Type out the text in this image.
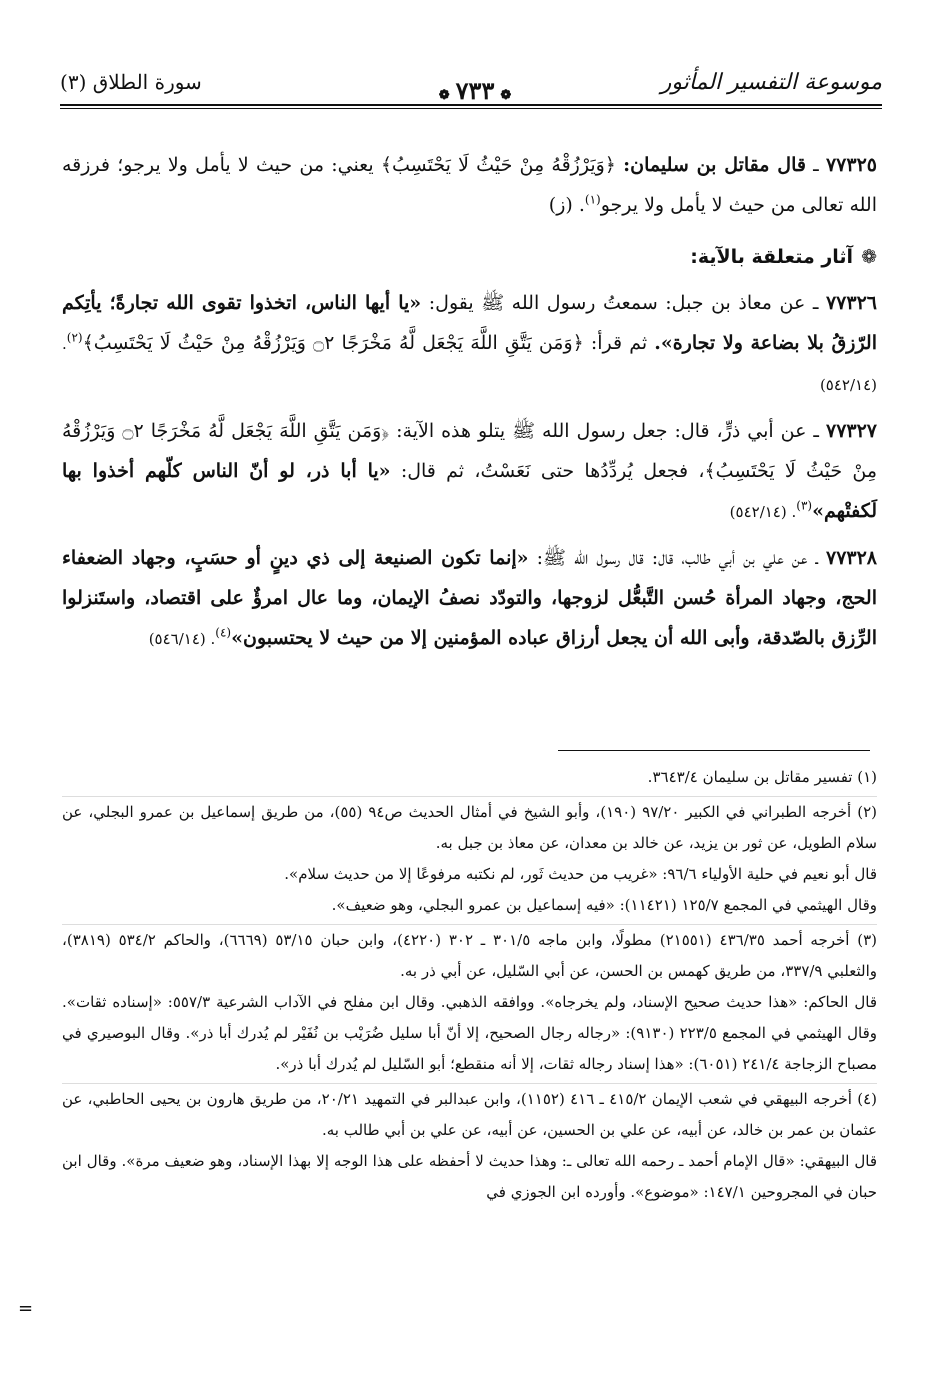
موسوعة التفسير المأثور
❁٧٣٣❁
سورة الطلاق (٣)

٧٧٣٢٥ ـ قال مقاتل بن سليمان: ﴿وَيَرْزُقْهُ مِنْ حَيْثُ لَا يَحْتَسِبُ﴾ يعني: من حيث لا يأمل ولا يرجو؛ فرزقه الله تعالى من حيث لا يأمل ولا يرجو$^{(١)}$. (ز)

❁آثار متعلقة بالآية:

٧٧٣٢٦ ـ عن معاذ بن جبل: سمعتُ رسول الله ﷺ يقول: «يا أيها الناس، اتخذوا تقوى الله تجارةً؛ يأتِكم الرّزقُ بلا بضاعة ولا تجارة». ثم قرأ: ﴿وَمَن يَتَّقِ اللَّهَ يَجْعَل لَّهُ مَخْرَجًا ۝٢ وَيَرْزُقْهُ مِنْ حَيْثُ لَا يَحْتَسِبُ﴾$^{(٢)}$. (٥٤٢/١٤)

٧٧٣٢٧ ـ عن أبي ذرٍّ، قال: جعل رسول الله ﷺ يتلو هذه الآية: ﴿وَمَن يَتَّقِ اللَّهَ يَجْعَل لَّهُ مَخْرَجًا ۝٢ وَيَرْزُقْهُ مِنْ حَيْثُ لَا يَحْتَسِبُ﴾، فجعل يُردِّدُها حتى نَعَسْتُ، ثم قال: «يا أبا ذر، لو أنّ الناس كلّهم أخذوا بها لَكفتْهم»$^{(٣)}$. (٥٤٢/١٤)

٧٧٣٢٨ ـ عن علي بن أبي طالب، قال: قال رسول الله ﷺ: «إنما تكون الصنيعة إلى ذي دينٍ أو حسَبٍ، وجهاد الضعفاء الحج، وجهاد المرأة حُسن التَّبعُّل لزوجها، والتودّد نصفُ الإيمان، وما عال امرؤٌ على اقتصاد، واستَنزلوا الرِّزق بالصّدقة، وأبى الله أن يجعل أرزاق عباده المؤمنين إلا من حيث لا يحتسبون»$^{(٤)}$. (٥٤٦/١٤)

(١) تفسير مقاتل بن سليمان ٣٦٤٣/٤.

(٢) أخرجه الطبراني في الكبير ٩٧/٢٠ (١٩٠)، وأبو الشيخ في أمثال الحديث ص٩٤ (٥٥)، من طريق إسماعيل بن عمرو البجلي، عن سلام الطويل، عن ثور بن يزيد، عن خالد بن معدان، عن معاذ بن جبل به.

قال أبو نعيم في حلية الأولياء ٩٦/٦: «غريب من حديث ثَور، لم نكتبه مرفوعًا إلا من حديث سلام».

وقال الهيثمي في المجمع ١٢٥/٧ (١١٤٢١): «فيه إسماعيل بن عمرو البجلي، وهو ضعيف».

(٣) أخرجه أحمد ٤٣٦/٣٥ (٢١٥٥١) مطولًا، وابن ماجه ٣٠١/٥ ـ ٣٠٢ (٤٢٢٠)، وابن حبان ٥٣/١٥ (٦٦٦٩)، والحاكم ٥٣٤/٢ (٣٨١٩)، والثعلبي ٣٣٧/٩، من طريق كهمس بن الحسن، عن أبي السّليل، عن أبي ذر به.

قال الحاكم: «هذا حديث صحيح الإسناد، ولم يخرجاه». ووافقه الذهبي. وقال ابن مفلح في الآداب الشرعية ٥٥٧/٣: «إسناده ثقات». وقال الهيثمي في المجمع ٢٢٣/٥ (٩١٣٠): «رجاله رجال الصحيح، إلا أنّ أبا سليل ضُرَيْب بن نُفَيْر لم يُدرك أبا ذر». وقال البوصيري في مصباح الزجاجة ٢٤١/٤ (٦٠٥١): «هذا إسناد رجاله ثقات، إلا أنه منقطع؛ أبو السّليل لم يُدرك أبا ذر».

(٤) أخرجه البيهقي في شعب الإيمان ٤١٥/٢ ـ ٤١٦ (١١٥٢)، وابن عبدالبر في التمهيد ٢٠/٢١، من طريق هارون بن يحيى الحاطبي، عن عثمان بن عمر بن خالد، عن أبيه، عن علي بن الحسين، عن أبيه، عن علي بن أبي طالب به.

قال البيهقي: «قال الإمام أحمد ـ رحمه الله تعالى ـ: وهذا حديث لا أحفظه على هذا الوجه إلا بهذا الإسناد، وهو ضعيف مرة». وقال ابن حبان في المجروحين ١٤٧/١: «موضوع». وأورده ابن الجوزي في

=
